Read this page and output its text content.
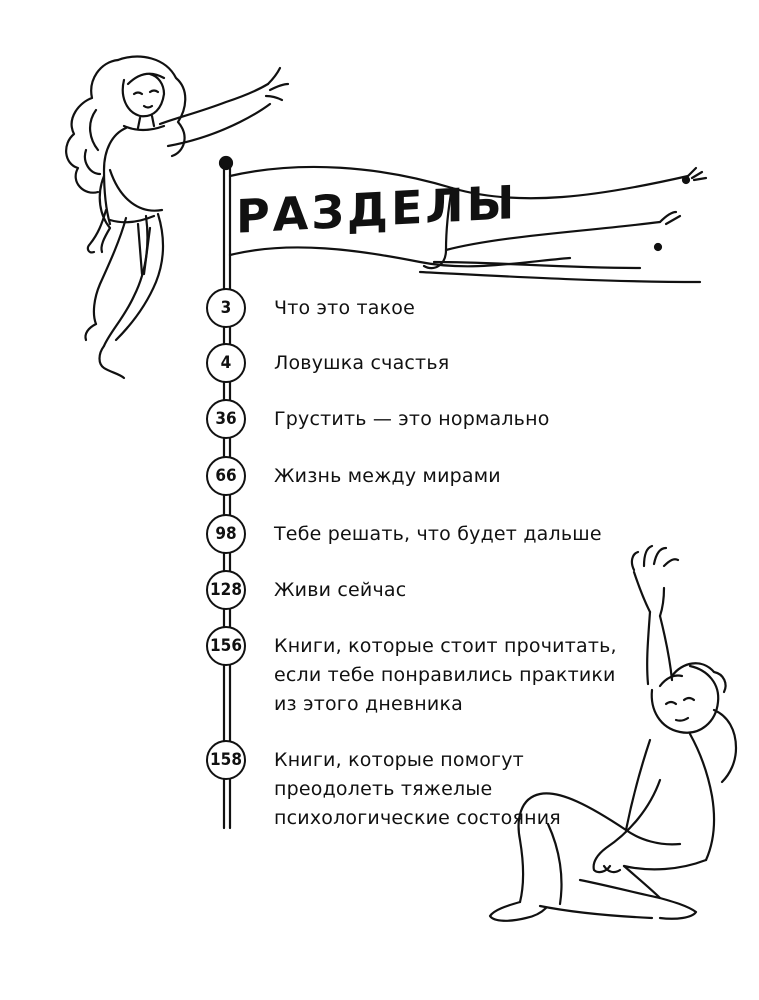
РАЗДЕЛЫ
3	Что это такое
4	Ловушка счастья
36	Грустить — это нормально
66	Жизнь между мирами
98	Тебе решать, что будет дальше
128 Живи сейчас
156 Книги, которые стоит прочитать,
если тебе понравились практики
из этого дневника
158 Книги, которые помогут
преодолеть тяжелые
психологические состояния
